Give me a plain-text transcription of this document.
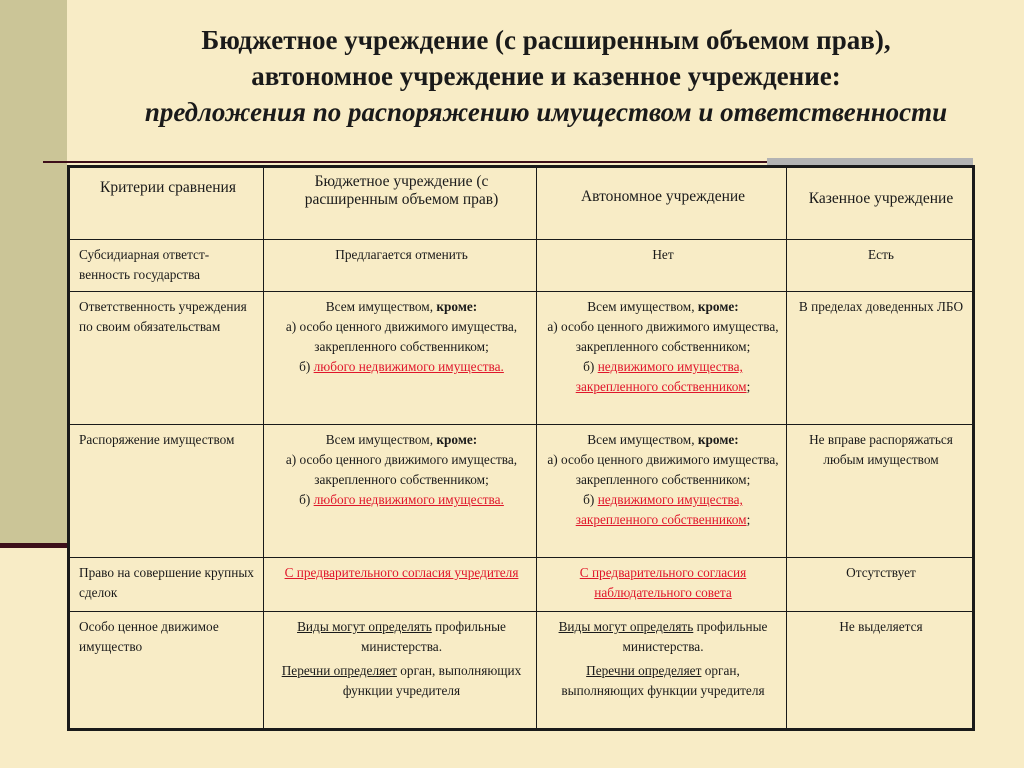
Бюджетное учреждение (с расширенным объемом прав),
автономное учреждение и казенное учреждение:
предложения по распоряжению имуществом и ответственности
Критерии сравнения	Бюджетное учреждение (с расширенным объемом прав)	Автономное учреждение	Казенное учреждение
Субсидиарная ответст-венность государства	Предлагается отменить	Нет	Есть
Ответственность учреждения по своим обязательствам	Всем имуществом, кроме:
а) особо ценного движимого имущества, закрепленного собственником;
б) любого недвижимого имущества.	Всем имуществом, кроме:
а) особо ценного движимого имущества, закрепленного собственником;
б) недвижимого имущества, закрепленного собственником;	В пределах доведенных ЛБО
Распоряжение имуществом	Всем имуществом, кроме:
а) особо ценного движимого имущества, закрепленного собственником;
б) любого недвижимого имущества.	Всем имуществом, кроме:
а) особо ценного движимого имущества, закрепленного собственником;
б) недвижимого имущества, закрепленного собственником;	Не вправе распоряжаться любым имуществом
Право на совершение крупных сделок	С предварительного согласия учредителя	С предварительного согласия наблюдательного совета	Отсутствует
Особо ценное движимое имущество	Виды могут определять профильные министерства.
Перечни определяет орган, выполняющих функции учредителя	Виды могут определять профильные министерства.
Перечни определяет орган, выполняющих функции учредителя	Не выделяется
